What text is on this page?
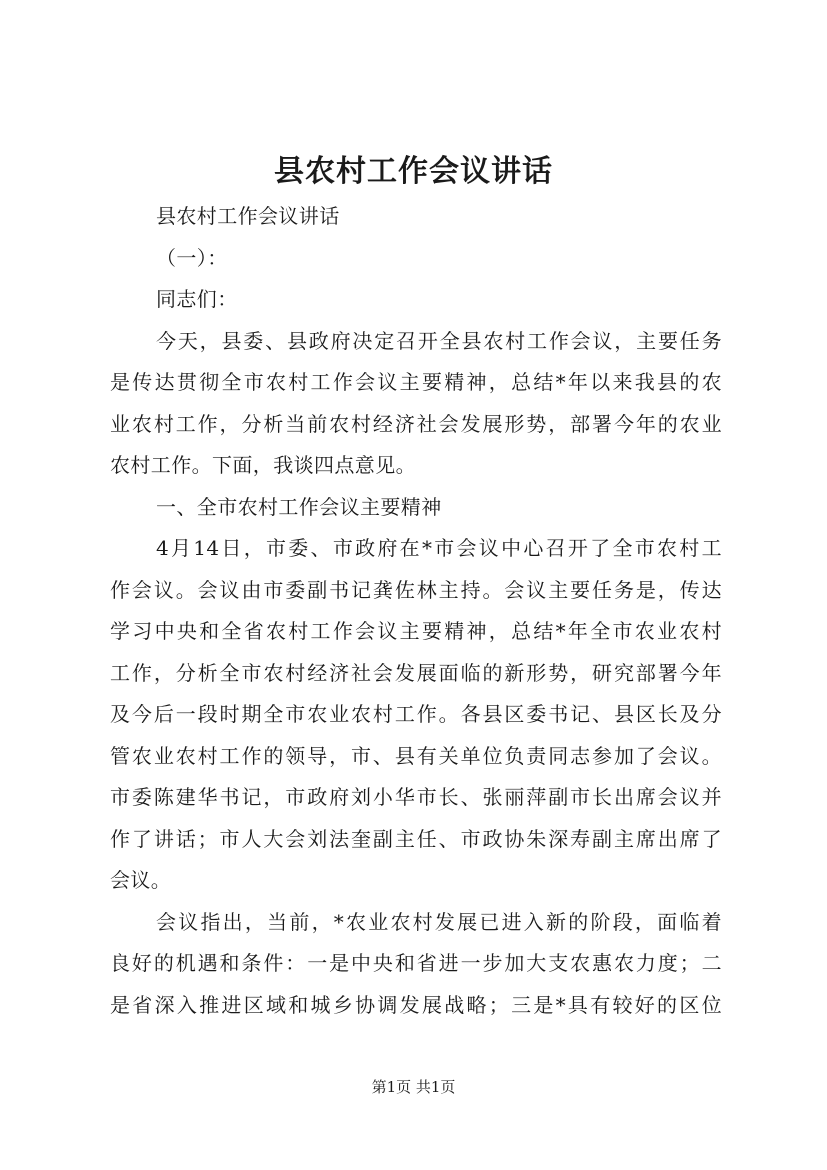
县农村工作会议讲话
县农村工作会议讲话
（一）：
同志们：
今天，县委、县政府决定召开全县农村工作会议，主要任务
是传达贯彻全市农村工作会议主要精神，总结*年以来我县的农
业农村工作，分析当前农村经济社会发展形势，部署今年的农业
农村工作。下面，我谈四点意见。
一、全市农村工作会议主要精神
4月14日，市委、市政府在*市会议中心召开了全市农村工
作会议。会议由市委副书记龚佐林主持。会议主要任务是，传达
学习中央和全省农村工作会议主要精神，总结*年全市农业农村
工作，分析全市农村经济社会发展面临的新形势，研究部署今年
及今后一段时期全市农业农村工作。各县区委书记、县区长及分
管农业农村工作的领导，市、县有关单位负责同志参加了会议。
市委陈建华书记，市政府刘小华市长、张丽萍副市长出席会议并
作了讲话；市人大会刘法奎副主任、市政协朱深寿副主席出席了
会议。
会议指出，当前，*农业农村发展已进入新的阶段，面临着
良好的机遇和条件：一是中央和省进一步加大支农惠农力度；二
是省深入推进区域和城乡协调发展战略；三是*具有较好的区位
第1页 共1页
